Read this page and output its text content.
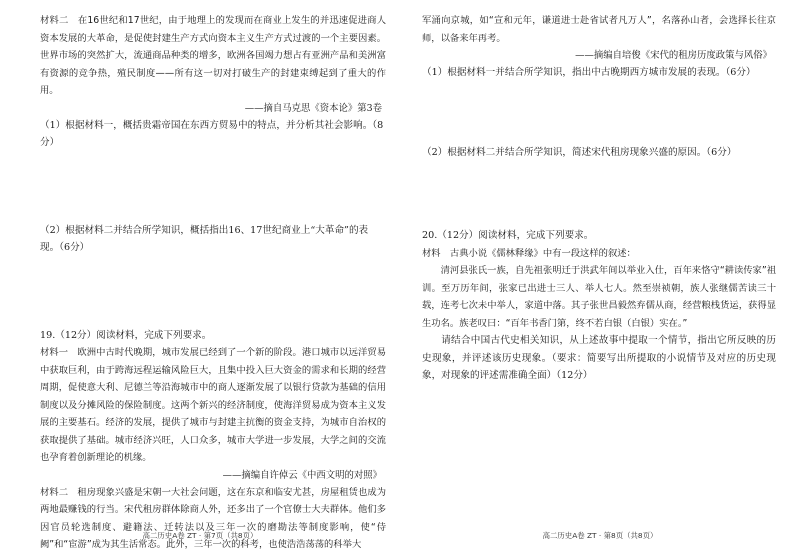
材料二　在16世纪和17世纪，由于地理上的发现而在商业上发生的并迅速促进商人资本发展的大革命，是促使封建生产方式向资本主义生产方式过渡的一个主要因素。世界市场的突然扩大，流通商品种类的增多，欧洲各国竭力想占有亚洲产品和美洲富有资源的竞争热，殖民制度——所有这一切对打破生产的封建束缚起到了重大的作用。

——摘自马克思《资本论》第3卷

（1）根据材料一，概括贵霜帝国在东西方贸易中的特点，并分析其社会影响。（8分）

（2）根据材料二并结合所学知识，概括指出16、17世纪商业上“大革命”的表现。（6分）

19.（12分）阅读材料，完成下列要求。

材料一　欧洲中古时代晚期，城市发展已经到了一个新的阶段。港口城市以远洋贸易中获取巨利，由于跨海远程运输风险巨大，且集中投入巨大资金的需求和长期的经营周期，促使意大利、尼德兰等沿海城市中的商人逐渐发展了以银行贷款为基础的信用制度以及分摊风险的保险制度。这两个新兴的经济制度，使海洋贸易成为资本主义发展的主要基石。经济的发展，提供了城市与封建主抗衡的资金支持，为城市自治权的获取提供了基础。城市经济兴旺，人口众多，城市大学进一步发展，大学之间的交流也孕育着创新理论的机缘。

——摘编自许倬云《中西文明的对照》

材料二　租房现象兴盛是宋朝一大社会问题，这在东京和临安尤甚，房屋租赁也成为两地最赚钱的行当。宋代租房群体除商人外，还多出了一个官僚士大夫群体。他们多因官员轮选制度、避籍法、迁转法以及三年一次的磨勘法等制度影响，使“侍阙”和“宦游”成为其生活常态。此外，三年一次的科考，也使浩浩荡荡的科举大

高二历史A卷 ZT · 第7页（共8页）

军涌向京城，如“宣和元年，谦道进士赴省试者凡万人”，名落孙山者，会选择长往京师，以备来年再考。

——摘编自培俊《宋代的租房历度政策与风俗》

（1）根据材料一并结合所学知识，指出中古晚期西方城市发展的表现。（6分）

（2）根据材料二并结合所学知识，简述宋代租房现象兴盛的原因。（6分）

20.（12分）阅读材料，完成下列要求。

材料　古典小说《儒林释缘》中有一段这样的叙述：

清河县张氏一族，自先祖张明迁于洪武年间以举业入仕，百年来恪守“耕读传家”祖训。至万历年间，张家已出进士三人、举人七人。然至崇祯朝，族人张继儒苦读三十载，连考七次未中举人，家道中落。其子张世昌毅然弃儒从商，经营粮栈货运，获得显生功名。族老叹曰：“百年书香门第，终不若白银（白银）实在。”

请结合中国古代史相关知识，从上述故事中提取一个情节，指出它所反映的历史现象，并评述该历史现象。（要求：简要写出所提取的小说情节及对应的历史现象，对现象的评述需准确全面）（12分）

高二历史A卷 ZT · 第8页（共8页）
